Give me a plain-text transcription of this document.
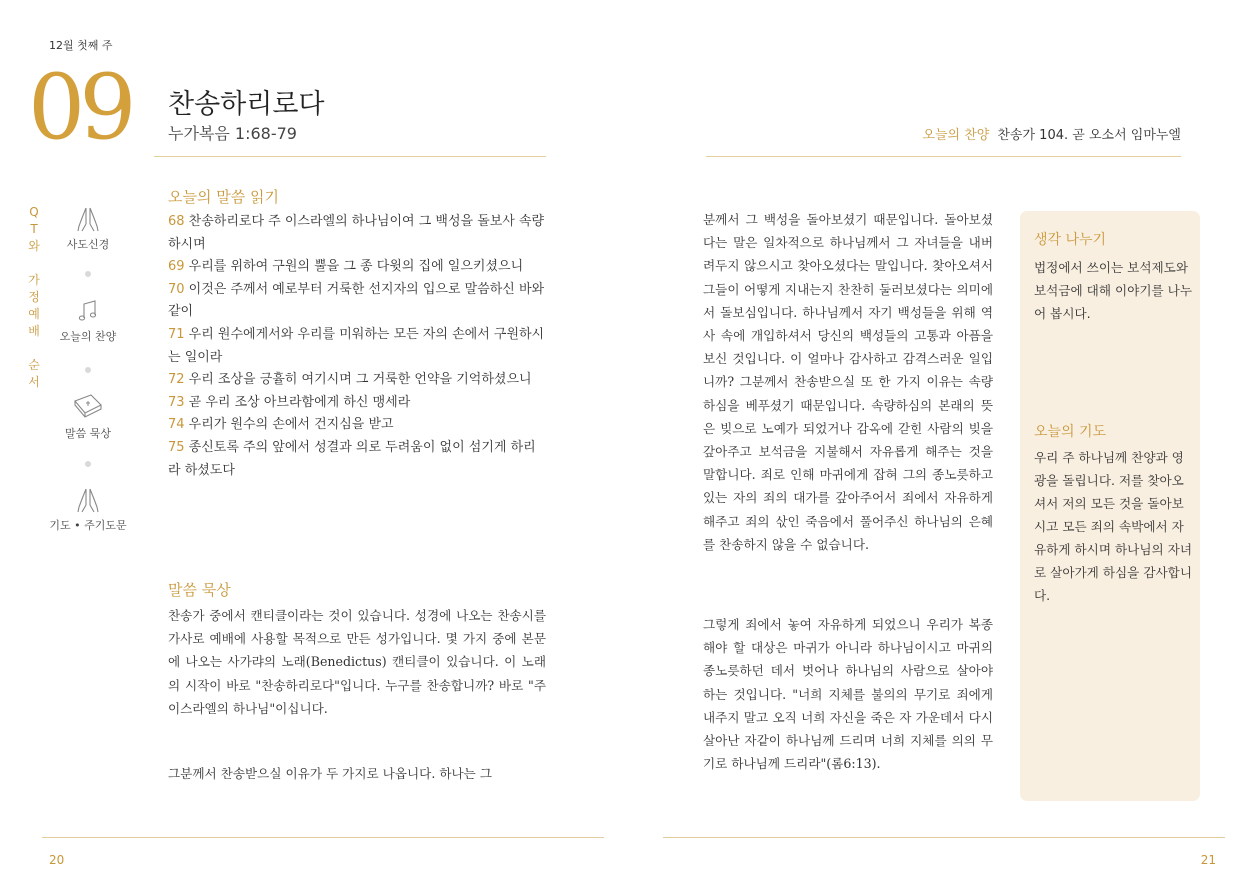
12월 첫째 주
09 찬송하리로다
누가복음 1:68-79
Q
T
와

가
정
예
배

순
서
사도신경
오늘의 찬양
말씀 묵상
기도 • 주기도문
오늘의 말씀 읽기
68 찬송하리로다 주 이스라엘의 하나님이여 그 백성을 돌보사 속량하시며
69 우리를 위하여 구원의 뿔을 그 종 다윗의 집에 일으키셨으니
70 이것은 주께서 예로부터 거룩한 선지자의 입으로 말씀하신 바와 같이
71 우리 원수에게서와 우리를 미워하는 모든 자의 손에서 구원하시는 일이라
72 우리 조상을 긍휼히 여기시며 그 거룩한 언약을 기억하셨으니
73 곧 우리 조상 아브라함에게 하신 맹세라
74 우리가 원수의 손에서 건지심을 받고
75 종신토록 주의 앞에서 성결과 의로 두려움이 없이 섬기게 하리라 하셨도다
말씀 묵상
찬송가 중에서 캔티클이라는 것이 있습니다. 성경에 나오는 찬송시를 가사로 예배에 사용할 목적으로 만든 성가입니다. 몇 가지 중에 본문에 나오는 사가랴의 노래(Benedictus) 캔티클이 있습니다. 이 노래의 시작이 바로 "찬송하리로다"입니다. 누구를 찬송합니까? 바로 "주 이스라엘의 하나님"이십니다.
그분께서 찬송받으실 이유가 두 가지로 나옵니다. 하나는 그
20
오늘의 찬양 찬송가 104. 곧 오소서 임마누엘
분께서 그 백성을 돌아보셨기 때문입니다. 돌아보셨다는 말은 일차적으로 하나님께서 그 자녀들을 내버려두지 않으시고 찾아오셨다는 말입니다. 찾아오셔서 그들이 어떻게 지내는지 찬찬히 둘러보셨다는 의미에서 돌보심입니다. 하나님께서 자기 백성들을 위해 역사 속에 개입하셔서 당신의 백성들의 고통과 아픔을 보신 것입니다. 이 얼마나 감사하고 감격스러운 일입니까? 그분께서 찬송받으실 또 한 가지 이유는 속량하심을 베푸셨기 때문입니다. 속량하심의 본래의 뜻은 빚으로 노예가 되었거나 감옥에 갇힌 사람의 빚을 갚아주고 보석금을 지불해서 자유롭게 해주는 것을 말합니다. 죄로 인해 마귀에게 잡혀 그의 종노릇하고 있는 자의 죄의 대가를 갚아주어서 죄에서 자유하게 해주고 죄의 삯인 죽음에서 풀어주신 하나님의 은혜를 찬송하지 않을 수 없습니다.
그렇게 죄에서 놓여 자유하게 되었으니 우리가 복종해야 할 대상은 마귀가 아니라 하나님이시고 마귀의 종노릇하던 데서 벗어나 하나님의 사람으로 살아야 하는 것입니다. "너희 지체를 불의의 무기로 죄에게 내주지 말고 오직 너희 자신을 죽은 자 가운데서 다시 살아난 자같이 하나님께 드리며 너희 지체를 의의 무기로 하나님께 드리라"(롬6:13).
생각 나누기
법정에서 쓰이는 보석제도와 보석금에 대해 이야기를 나누어 봅시다.
오늘의 기도
우리 주 하나님께 찬양과 영광을 돌립니다. 저를 찾아오셔서 저의 모든 것을 돌아보시고 모든 죄의 속박에서 자유하게 하시며 하나님의 자녀로 살아가게 하심을 감사합니다.
21
